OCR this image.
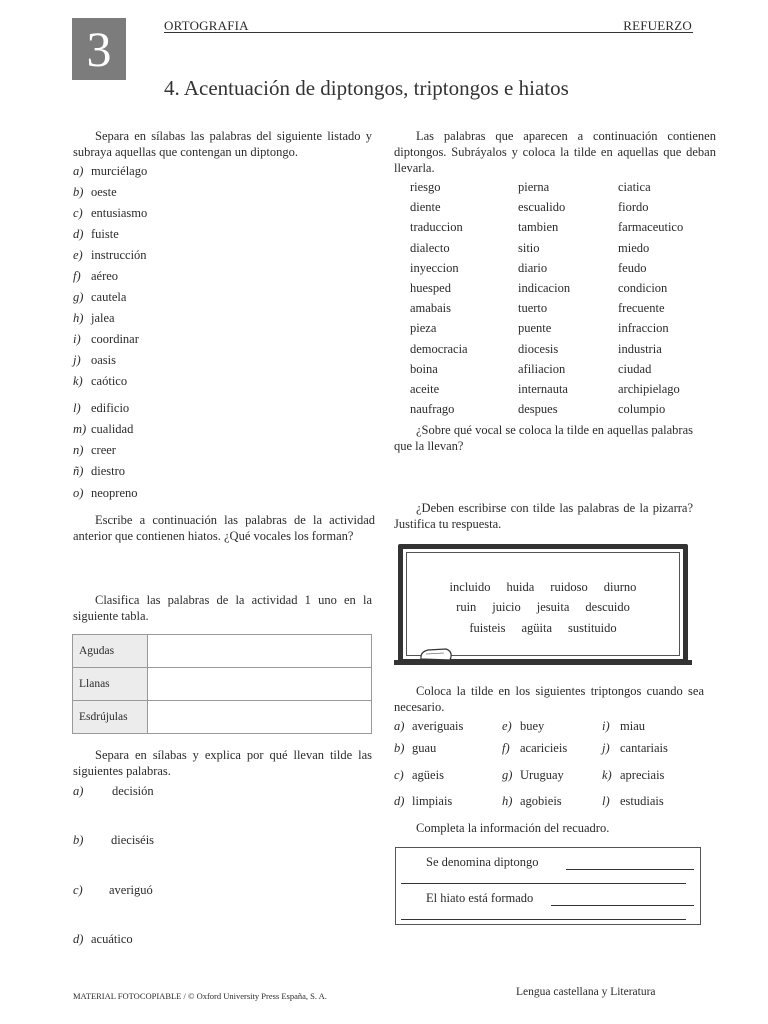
3	ORTOGRAFIA	REFUERZO
4. Acentuación de diptongos, triptongos e hiatos
Separa en sílabas las palabras del siguiente listado y subraya aquellas que contengan un diptongo.
a) murciélago
b) oeste
c) entusiasmo
d) fuiste
e) instrucción
f) aéreo
g) cautela
h) jalea
i) coordinar
j) oasis
k) caótico
l) edificio
m) cualidad
n) creer
ñ) diestro
o) neopreno
Escribe a continuación las palabras de la actividad anterior que contienen hiatos. ¿Qué vocales los forman?
Clasifica las palabras de la actividad 1 uno en la siguiente tabla.
Agudas	
Llanas	
Esdrújulas	
Separa en sílabas y explica por qué llevan tilde las siguientes palabras.
a) decisión
b) dieciséis
c) averiguó
d) acuático
Las palabras que aparecen a continuación contienen diptongos. Subráyalos y coloca la tilde en aquellas que deban llevarla.
riesgo	pierna	ciatica
diente	escualido	fiordo
traduccion	tambien	farmaceutico
dialecto	sitio	miedo
inyeccion	diario	feudo
huesped	indicacion	condicion
amabais	tuerto	frecuente
pieza	puente	infraccion
democracia	diocesis	industria
boina	afiliacion	ciudad
aceite	internauta	archipielago
naufrago	despues	columpio
¿Sobre qué vocal se coloca la tilde en aquellas palabras que la llevan?
¿Deben escribirse con tilde las palabras de la pizarra? Justifica tu respuesta.
incluido huida ruidoso diurno
ruin juicio jesuita descuido
fuisteis agüita sustituido
Coloca la tilde en los siguientes triptongos cuando sea necesario.
a) averiguais	e) buey	i) miau
b) guau	f) acaricieis	j) cantariais
c) agüeis	g) Uruguay	k) apreciais
d) limpiais	h) agobieis	l) estudiais
Completa la información del recuadro.
Se denomina diptongo
El hiato está formado
MATERIAL FOTOCOPIABLE / © Oxford University Press España, S. A.	Lengua castellana y Literatura
